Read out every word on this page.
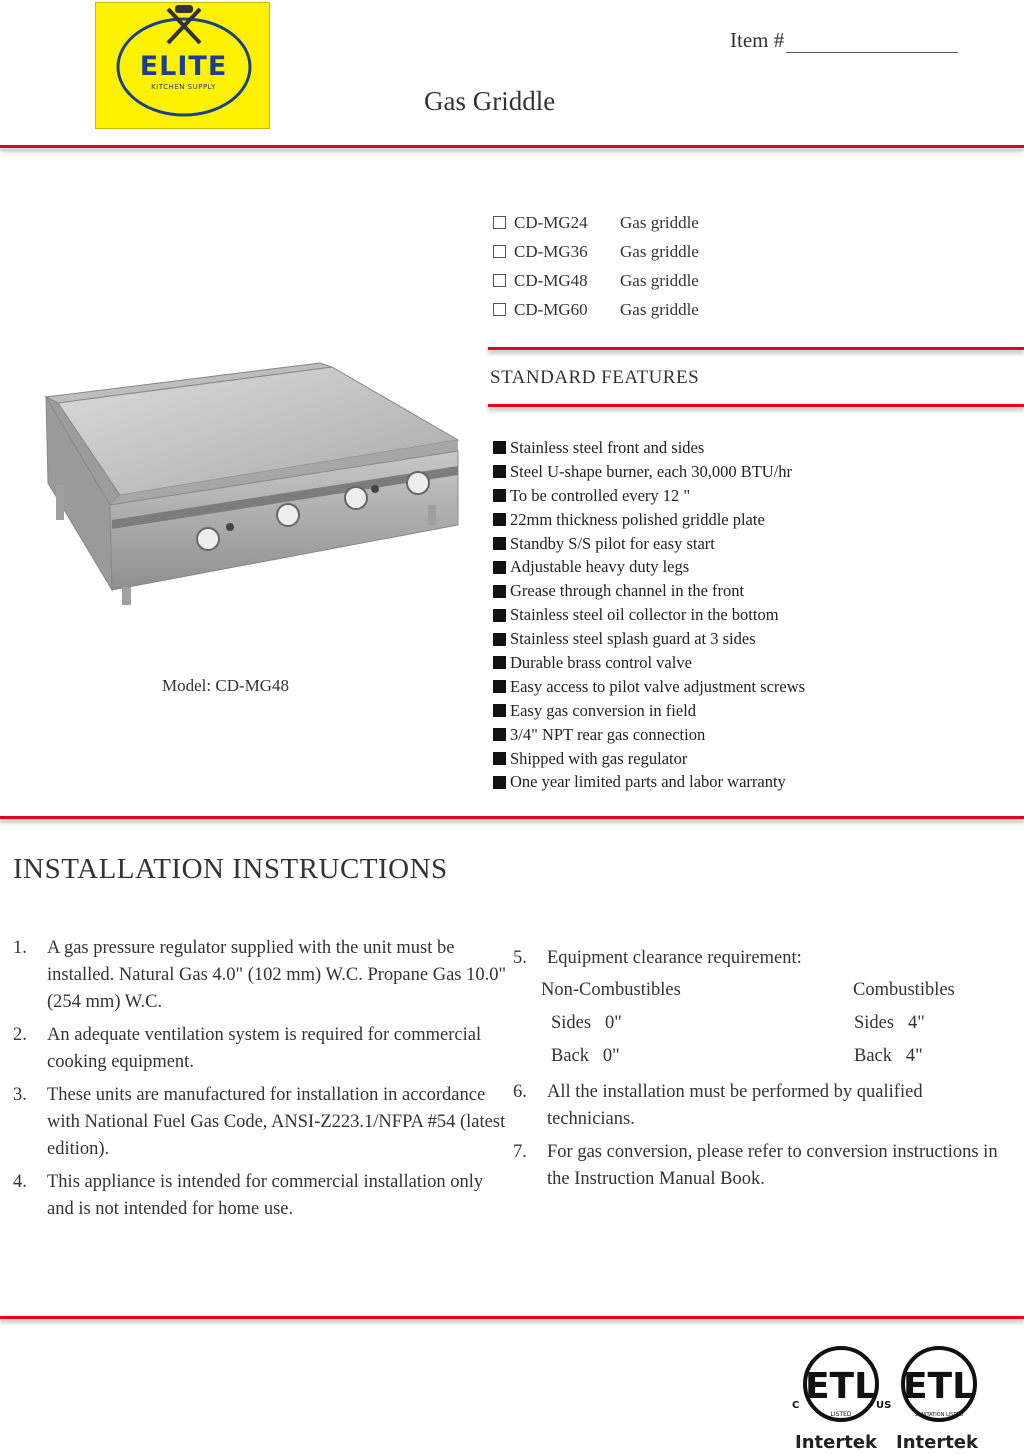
ELITE
KITCHEN SUPPLY
Item #
Gas Griddle
CD-MG24	Gas griddle
CD-MG36	Gas griddle
CD-MG48	Gas griddle
CD-MG60	Gas griddle
STANDARD FEATURES
Stainless steel front and sides
Steel U-shape burner, each 30,000 BTU/hr
To be controlled every 12 "
22mm thickness polished griddle plate
Standby S/S pilot for easy start
Adjustable heavy duty legs
Grease through channel in the front
Stainless steel oil collector in the bottom
Stainless steel splash guard at 3 sides
Durable brass control valve
Easy access to pilot valve adjustment screws
Easy gas conversion in field
3/4" NPT rear gas connection
Shipped with gas regulator
One year limited parts and labor warranty
Model: CD-MG48
INSTALLATION INSTRUCTIONS
1.	A gas pressure regulator supplied with the unit must be installed. Natural Gas 4.0" (102 mm) W.C. Propane Gas 10.0" (254 mm) W.C.
2.	An adequate ventilation system is required for commercial cooking equipment.
3.	These units are manufactured for installation in accordance with National Fuel Gas Code, ANSI-Z223.1/NFPA #54 (latest edition).
4.	This appliance is intended for commercial installation only and is not intended for home use.
5.	Equipment clearance requirement:
Non-Combustibles	Combustibles
Sides   0"	Sides   4"
Back   0"	Back   4"
6.	All the installation must be performed by qualified technicians.
7.	For gas conversion, please refer to conversion instructions in the Instruction Manual Book.
ETL
LISTED
C	US
Intertek
ETL
SANITATION LISTED
Intertek
